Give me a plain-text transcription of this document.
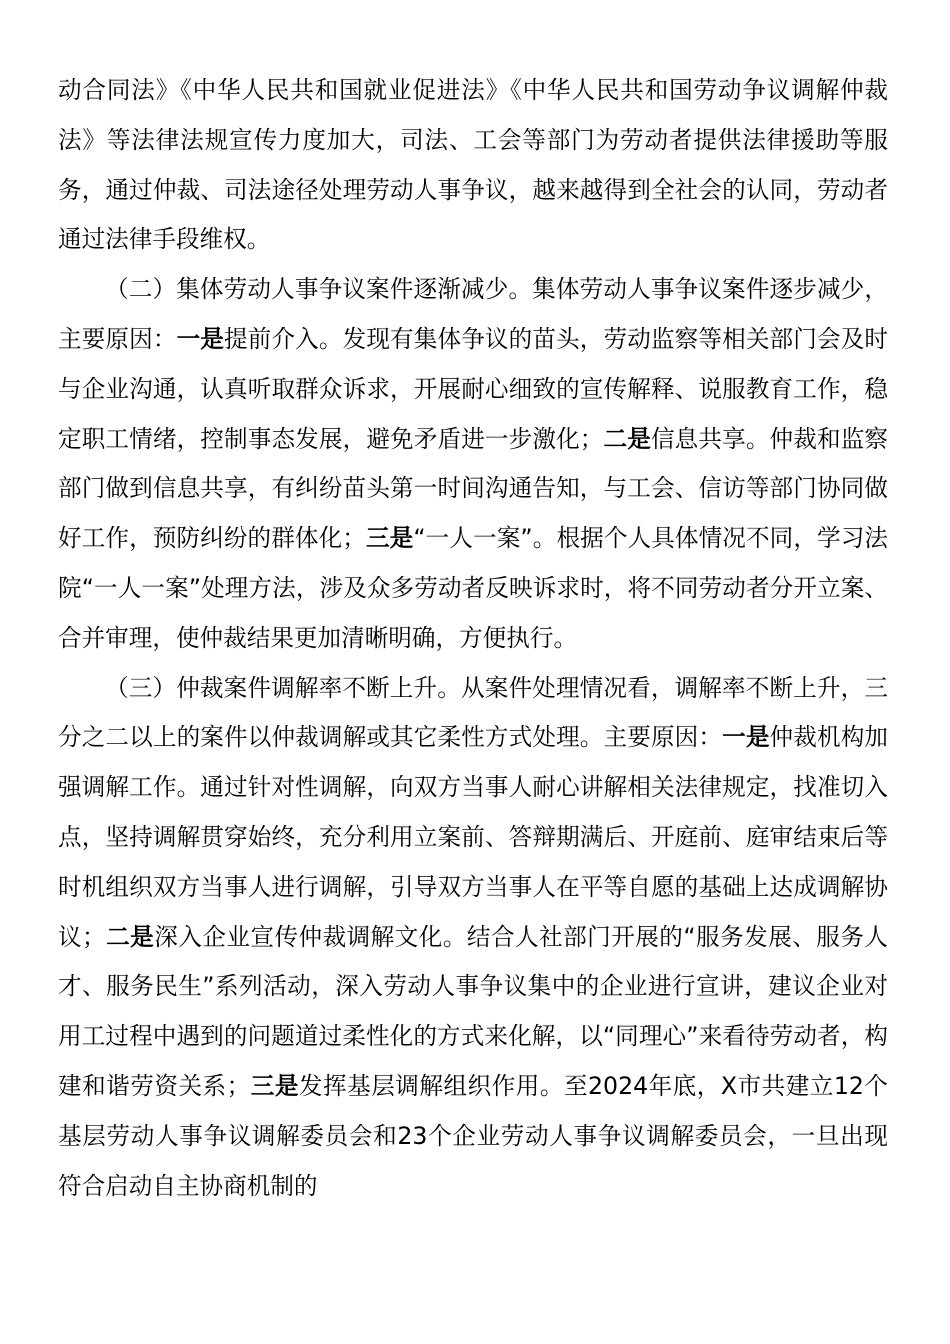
动合同法》《中华人民共和国就业促进法》《中华人民共和国劳动争议调解仲裁法》等法律法规宣传力度加大，司法、工会等部门为劳动者提供法律援助等服务，通过仲裁、司法途径处理劳动人事争议，越来越得到全社会的认同，劳动者通过法律手段维权。

（二）集体劳动人事争议案件逐渐减少。集体劳动人事争议案件逐步减少，主要原因：一是提前介入。发现有集体争议的苗头，劳动监察等相关部门会及时与企业沟通，认真听取群众诉求，开展耐心细致的宣传解释、说服教育工作，稳定职工情绪，控制事态发展，避免矛盾进一步激化；二是信息共享。仲裁和监察部门做到信息共享，有纠纷苗头第一时间沟通告知，与工会、信访等部门协同做好工作，预防纠纷的群体化；三是“一人一案”。根据个人具体情况不同，学习法院“一人一案”处理方法，涉及众多劳动者反映诉求时，将不同劳动者分开立案、合并审理，使仲裁结果更加清晰明确，方便执行。

（三）仲裁案件调解率不断上升。从案件处理情况看，调解率不断上升，三分之二以上的案件以仲裁调解或其它柔性方式处理。主要原因：一是仲裁机构加强调解工作。通过针对性调解，向双方当事人耐心讲解相关法律规定，找准切入点，坚持调解贯穿始终，充分利用立案前、答辩期满后、开庭前、庭审结束后等时机组织双方当事人进行调解，引导双方当事人在平等自愿的基础上达成调解协议；二是深入企业宣传仲裁调解文化。结合人社部门开展的“服务发展、服务人才、服务民生”系列活动，深入劳动人事争议集中的企业进行宣讲，建议企业对用工过程中遇到的问题道过柔性化的方式来化解，以“同理心”来看待劳动者，构建和谐劳资关系；三是发挥基层调解组织作用。至2024年底，X市共建立12个基层劳动人事争议调解委员会和23个企业劳动人事争议调解委员会，一旦出现符合启动自主协商机制的
